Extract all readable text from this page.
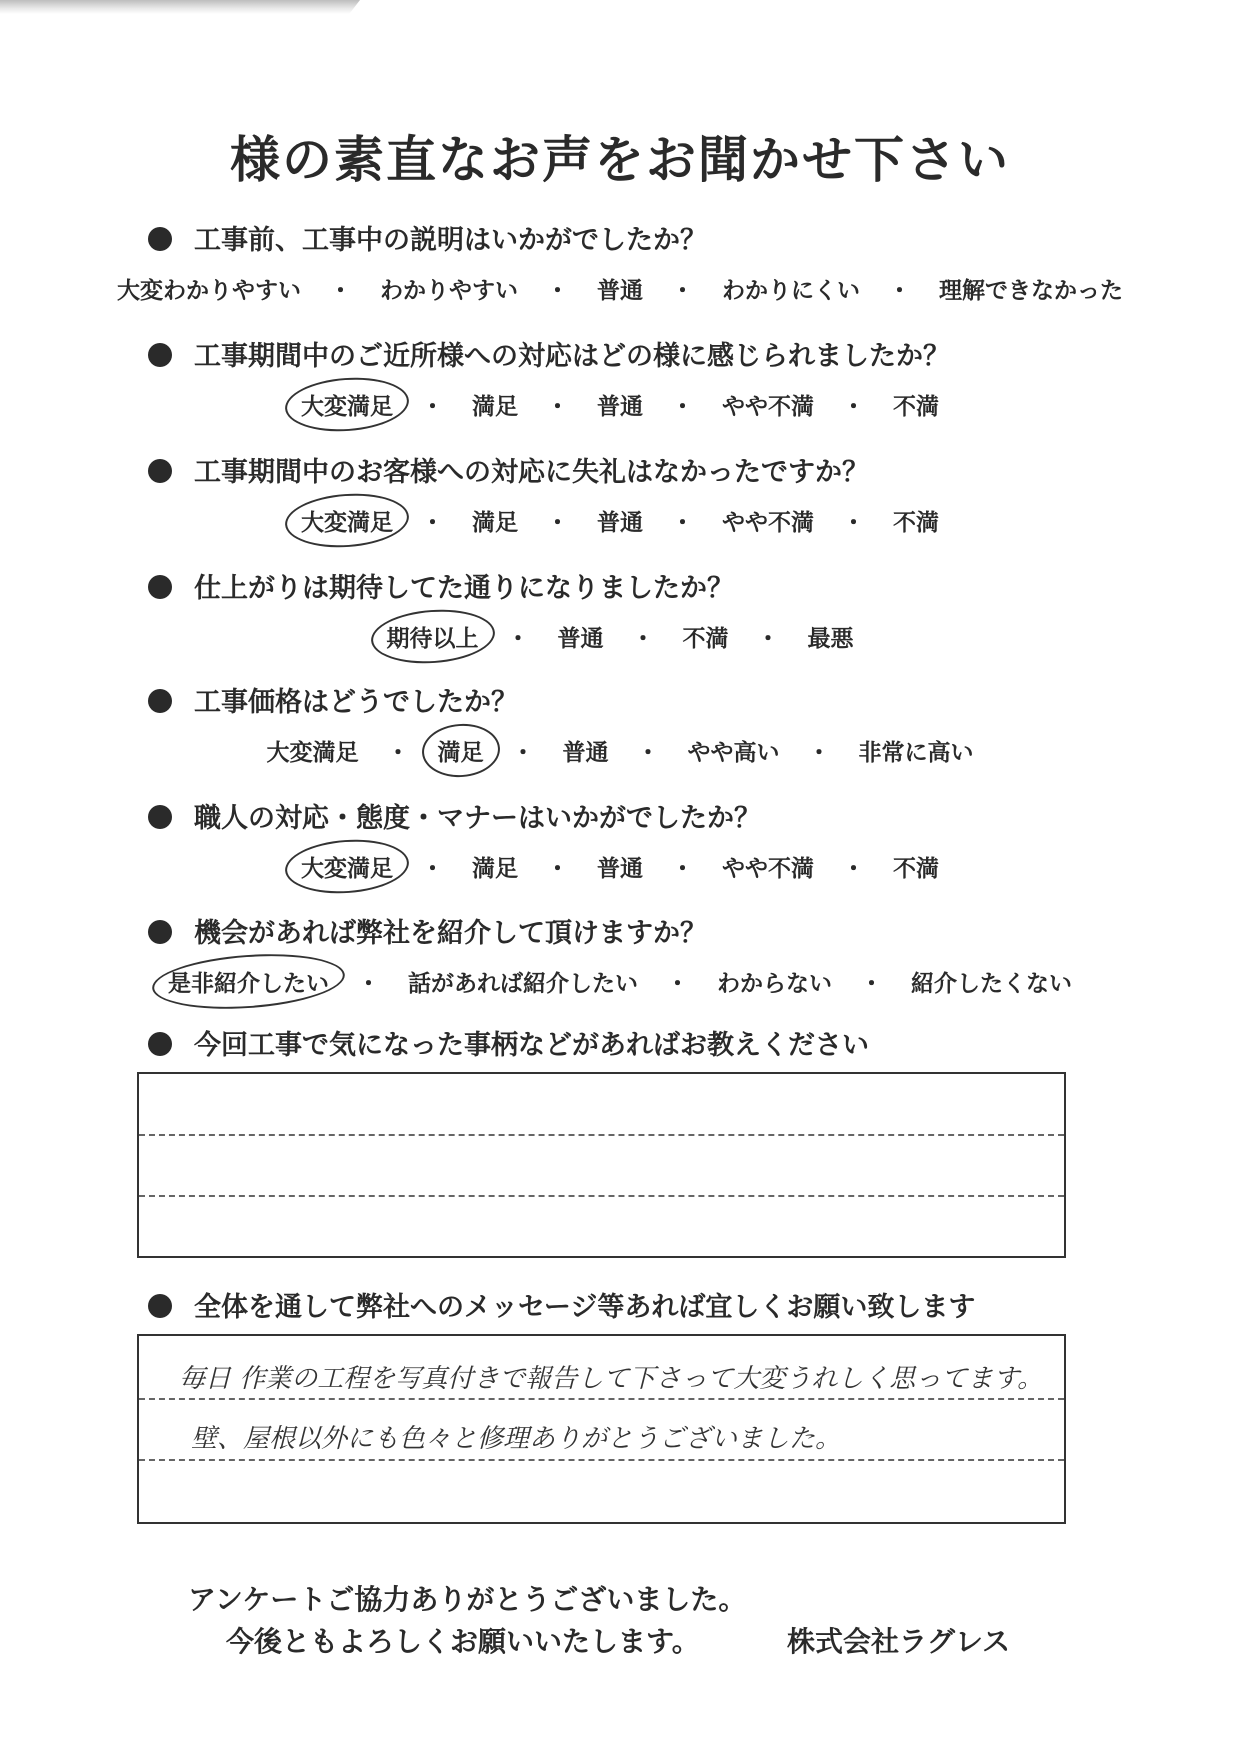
様の素直なお声をお聞かせ下さい
工事前、工事中の説明はいかがでしたか？
大変わかりやすい ・ わかりやすい ・ 普通 ・ わかりにくい ・ 理解できなかった
工事期間中のご近所様への対応はどの様に感じられましたか？
大変満足 ・ 満足 ・ 普通 ・ やや不満 ・ 不満
工事期間中のお客様への対応に失礼はなかったですか？
大変満足 ・ 満足 ・ 普通 ・ やや不満 ・ 不満
仕上がりは期待してた通りになりましたか？
期待以上 ・ 普通 ・ 不満 ・ 最悪
工事価格はどうでしたか？
大変満足 ・ 満足 ・ 普通 ・ やや高い ・ 非常に高い
職人の対応・態度・マナーはいかがでしたか？
大変満足 ・ 満足 ・ 普通 ・ やや不満 ・ 不満
機会があれば弊社を紹介して頂けますか？
是非紹介したい ・ 話があれば紹介したい ・ わからない ・ 紹介したくない
今回工事で気になった事柄などがあればお教えください
全体を通して弊社へのメッセージ等あれば宜しくお願い致します
毎日 作業の工程を写真付きで報告して下さって大変うれしく思ってます。
壁、屋根以外にも色々と修理ありがとうございました。
アンケートご協力ありがとうございました。
今後ともよろしくお願いいたします。	株式会社ラグレス
